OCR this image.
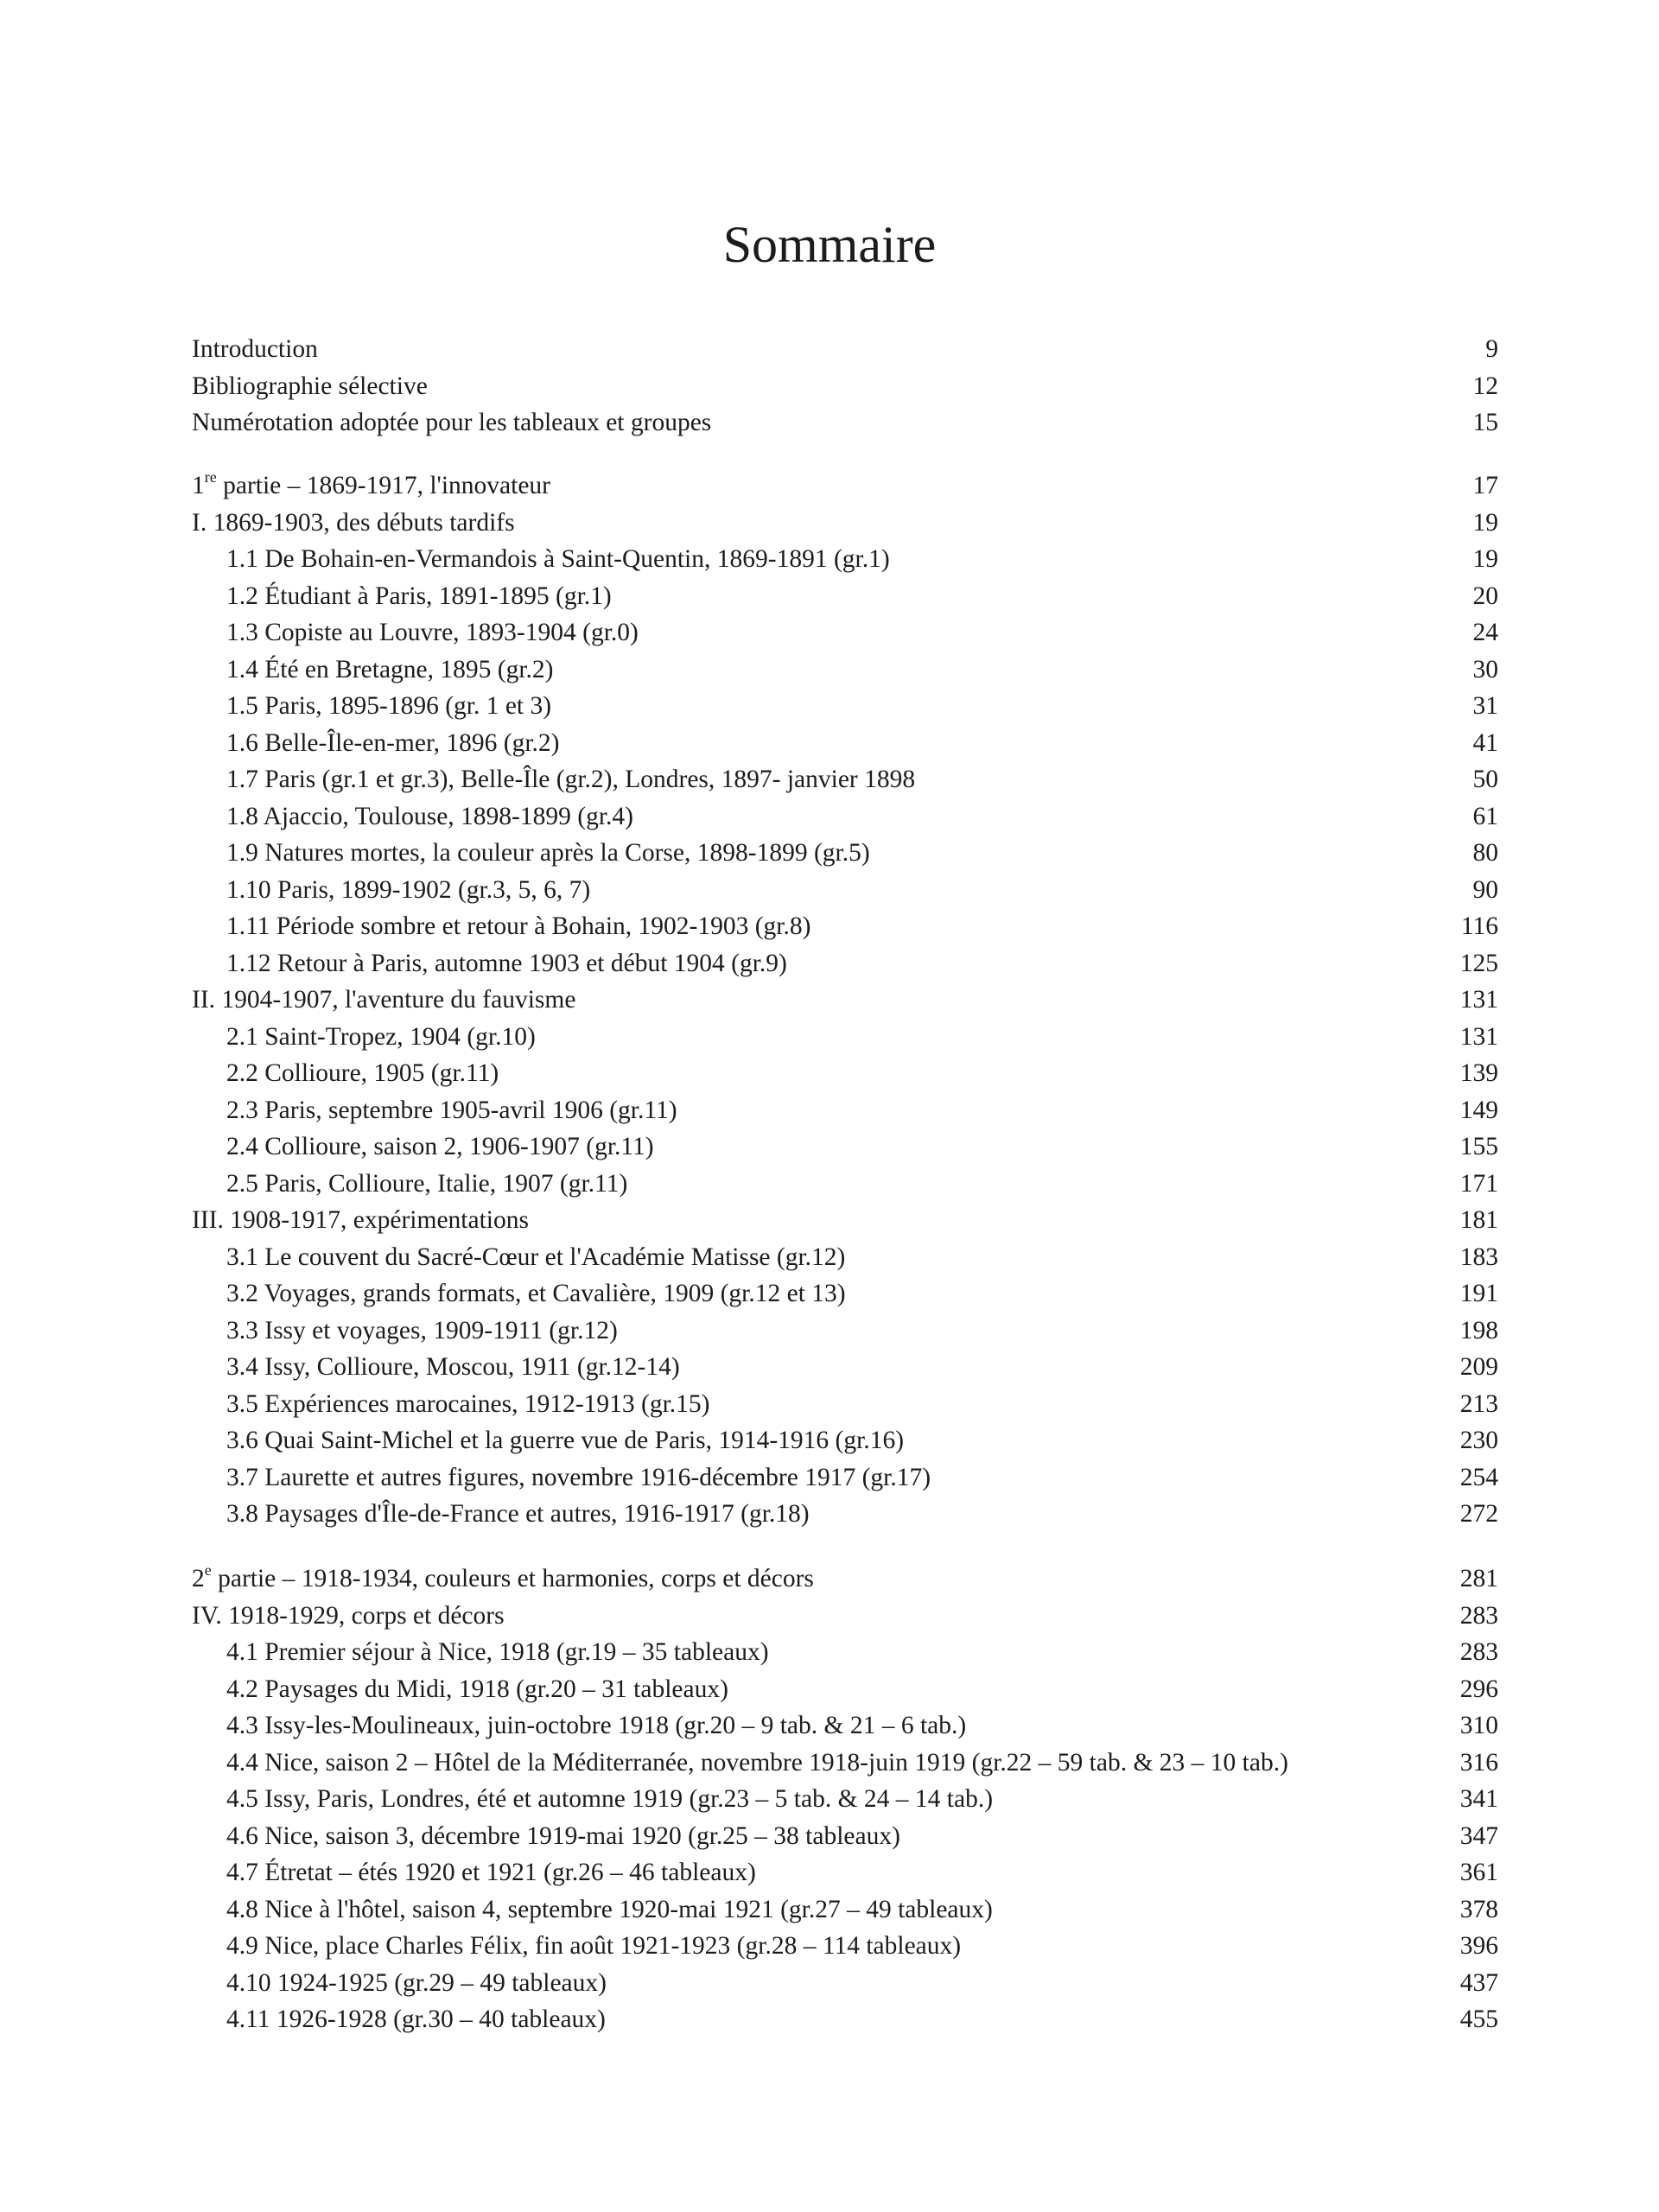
Sommaire
Introduction	9
Bibliographie sélective	12
Numérotation adoptée pour les tableaux et groupes	15
1re partie – 1869-1917, l'innovateur	17
I. 1869-1903, des débuts tardifs	19
1.1 De Bohain-en-Vermandois à Saint-Quentin, 1869-1891 (gr.1)	19
1.2 Étudiant à Paris, 1891-1895 (gr.1)	20
1.3 Copiste au Louvre, 1893-1904 (gr.0)	24
1.4 Été en Bretagne, 1895 (gr.2)	30
1.5 Paris, 1895-1896 (gr. 1 et 3)	31
1.6 Belle-Île-en-mer, 1896 (gr.2)	41
1.7 Paris (gr.1 et gr.3), Belle-Île (gr.2), Londres, 1897- janvier 1898	50
1.8 Ajaccio, Toulouse, 1898-1899 (gr.4)	61
1.9 Natures mortes, la couleur après la Corse, 1898-1899 (gr.5)	80
1.10 Paris, 1899-1902 (gr.3, 5, 6, 7)	90
1.11 Période sombre et retour à Bohain, 1902-1903 (gr.8)	116
1.12 Retour à Paris, automne 1903 et début 1904 (gr.9)	125
II. 1904-1907, l'aventure du fauvisme	131
2.1 Saint-Tropez, 1904 (gr.10)	131
2.2 Collioure, 1905 (gr.11)	139
2.3 Paris, septembre 1905-avril 1906 (gr.11)	149
2.4 Collioure, saison 2, 1906-1907 (gr.11)	155
2.5 Paris, Collioure, Italie, 1907 (gr.11)	171
III. 1908-1917, expérimentations	181
3.1 Le couvent du Sacré-Cœur et l'Académie Matisse (gr.12)	183
3.2 Voyages, grands formats, et Cavalière, 1909 (gr.12 et 13)	191
3.3 Issy et voyages, 1909-1911 (gr.12)	198
3.4 Issy, Collioure, Moscou, 1911 (gr.12-14)	209
3.5 Expériences marocaines, 1912-1913 (gr.15)	213
3.6 Quai Saint-Michel et la guerre vue de Paris, 1914-1916 (gr.16)	230
3.7 Laurette et autres figures, novembre 1916-décembre 1917 (gr.17)	254
3.8 Paysages d'Île-de-France et autres, 1916-1917 (gr.18)	272
2e partie – 1918-1934, couleurs et harmonies, corps et décors	281
IV. 1918-1929, corps et décors	283
4.1 Premier séjour à Nice, 1918 (gr.19 – 35 tableaux)	283
4.2 Paysages du Midi, 1918 (gr.20 – 31 tableaux)	296
4.3 Issy-les-Moulineaux, juin-octobre 1918 (gr.20 – 9 tab. & 21 – 6 tab.)	310
4.4 Nice, saison 2 – Hôtel de la Méditerranée, novembre 1918-juin 1919 (gr.22 – 59 tab. & 23 – 10 tab.)	316
4.5 Issy, Paris, Londres, été et automne 1919 (gr.23 – 5 tab. & 24 – 14 tab.)	341
4.6 Nice, saison 3, décembre 1919-mai 1920 (gr.25 – 38 tableaux)	347
4.7 Étretat – étés 1920 et 1921 (gr.26 – 46 tableaux)	361
4.8 Nice à l'hôtel, saison 4, septembre 1920-mai 1921 (gr.27 – 49 tableaux)	378
4.9 Nice, place Charles Félix, fin août 1921-1923 (gr.28 – 114 tableaux)	396
4.10 1924-1925 (gr.29 – 49 tableaux)	437
4.11 1926-1928 (gr.30 – 40 tableaux)	455
